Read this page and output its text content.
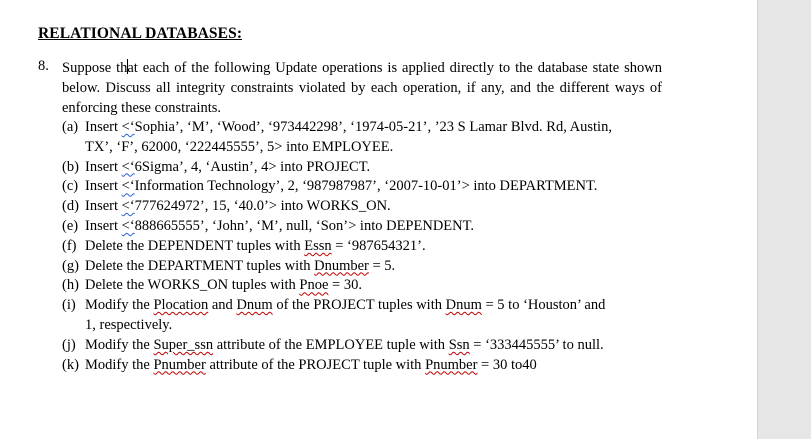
RELATIONAL DATABASES:
8. Suppose that each of the following Update operations is applied directly to the database state shown below. Discuss all integrity constraints violated by each operation, if any, and the different ways of enforcing these constraints.
(a) Insert <‘Sophia’, ‘M’, ‘Wood’, ‘973442298’, ‘1974-05-21’, ’23 S Lamar Blvd. Rd, Austin,
TX’, ‘F’, 62000, ‘222445555’, 5> into EMPLOYEE.
(b) Insert <‘6Sigma’, 4, ‘Austin’, 4> into PROJECT.
(c) Insert <‘Information Technology’, 2, ‘987987987’, ‘2007-10-01’> into DEPARTMENT.
(d) Insert <‘777624972’, 15, ‘40.0’> into WORKS_ON.
(e) Insert <‘888665555’, ‘John’, ‘M’, null, ‘Son’> into DEPENDENT.
(f) Delete the DEPENDENT tuples with Essn = ‘987654321’.
(g) Delete the DEPARTMENT tuples with Dnumber = 5.
(h) Delete the WORKS_ON tuples with Pnoe = 30.
(i) Modify the Plocation and Dnum of the PROJECT tuples with Dnum = 5 to ‘Houston’ and
1, respectively.
(j) Modify the Super_ssn attribute of the EMPLOYEE tuple with Ssn = ‘333445555’ to null.
(k) Modify the Pnumber attribute of the PROJECT tuple with Pnumber = 30 to40
